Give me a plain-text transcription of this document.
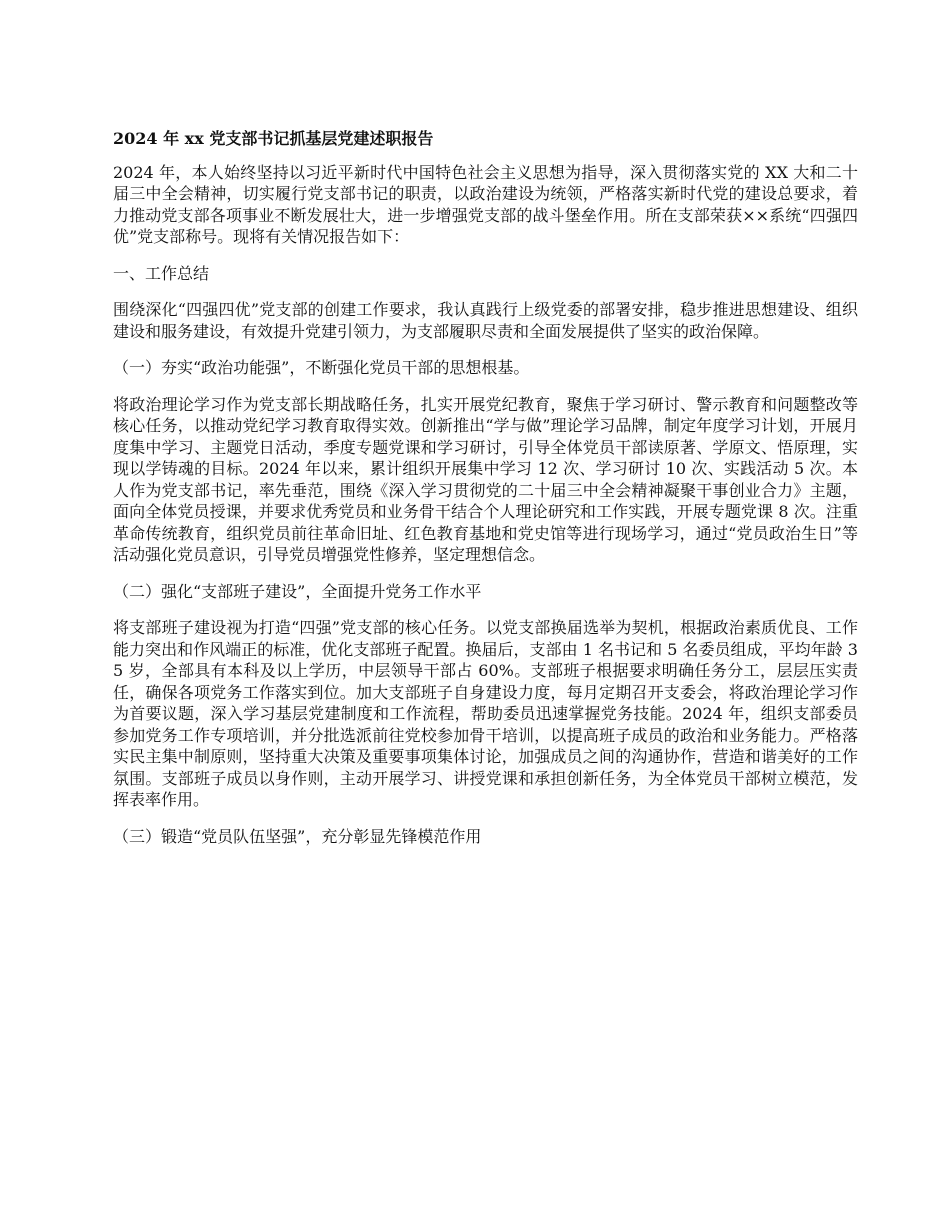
2024 年 xx 党支部书记抓基层党建述职报告

2024 年，本人始终坚持以习近平新时代中国特色社会主义思想为指导，深入贯彻落实党的 XX 大和二十届三中全会精神，切实履行党支部书记的职责，以政治建设为统领，严格落实新时代党的建设总要求，着力推动党支部各项事业不断发展壮大，进一步增强党支部的战斗堡垒作用。所在支部荣获××系统“四强四优”党支部称号。现将有关情况报告如下：

一、工作总结

围绕深化“四强四优”党支部的创建工作要求，我认真践行上级党委的部署安排，稳步推进思想建设、组织建设和服务建设，有效提升党建引领力，为支部履职尽责和全面发展提供了坚实的政治保障。

（一）夯实“政治功能强”，不断强化党员干部的思想根基。

将政治理论学习作为党支部长期战略任务，扎实开展党纪教育，聚焦于学习研讨、警示教育和问题整改等核心任务，以推动党纪学习教育取得实效。创新推出“学与做”理论学习品牌，制定年度学习计划，开展月度集中学习、主题党日活动，季度专题党课和学习研讨，引导全体党员干部读原著、学原文、悟原理，实现以学铸魂的目标。2024 年以来，累计组织开展集中学习 12 次、学习研讨 10 次、实践活动 5 次。本人作为党支部书记，率先垂范，围绕《深入学习贯彻党的二十届三中全会精神凝聚干事创业合力》主题，面向全体党员授课，并要求优秀党员和业务骨干结合个人理论研究和工作实践，开展专题党课 8 次。注重革命传统教育，组织党员前往革命旧址、红色教育基地和党史馆等进行现场学习，通过“党员政治生日”等活动强化党员意识，引导党员增强党性修养，坚定理想信念。

（二）强化“支部班子建设”，全面提升党务工作水平

将支部班子建设视为打造“四强”党支部的核心任务。以党支部换届选举为契机，根据政治素质优良、工作能力突出和作风端正的标准，优化支部班子配置。换届后，支部由 1 名书记和 5 名委员组成，平均年龄 35 岁，全部具有本科及以上学历，中层领导干部占 60%。支部班子根据要求明确任务分工，层层压实责任，确保各项党务工作落实到位。加大支部班子自身建设力度，每月定期召开支委会，将政治理论学习作为首要议题，深入学习基层党建制度和工作流程，帮助委员迅速掌握党务技能。2024 年，组织支部委员参加党务工作专项培训，并分批选派前往党校参加骨干培训，以提高班子成员的政治和业务能力。严格落实民主集中制原则，坚持重大决策及重要事项集体讨论，加强成员之间的沟通协作，营造和谐美好的工作氛围。支部班子成员以身作则，主动开展学习、讲授党课和承担创新任务，为全体党员干部树立模范，发挥表率作用。

（三）锻造“党员队伍坚强”，充分彰显先锋模范作用
